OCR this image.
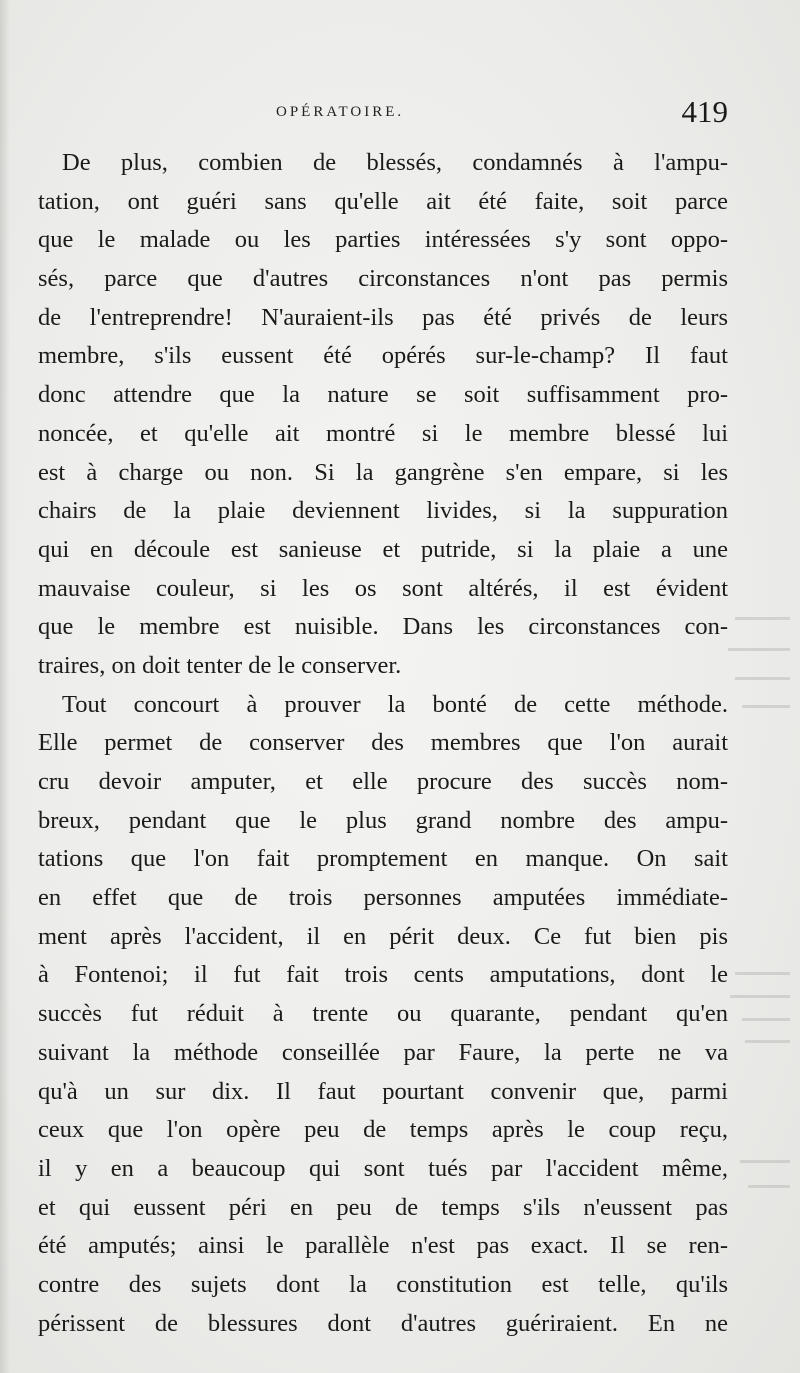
OPÉRATOIRE.	419
De plus, combien de blessés, condamnés à l'ampu-
tation, ont guéri sans qu'elle ait été faite, soit parce
que le malade ou les parties intéressées s'y sont oppo-
sés, parce que d'autres circonstances n'ont pas permis
de l'entreprendre! N'auraient-ils pas été privés de leurs
membre, s'ils eussent été opérés sur-le-champ? Il faut
donc attendre que la nature se soit suffisamment pro-
noncée, et qu'elle ait montré si le membre blessé lui
est à charge ou non. Si la gangrène s'en empare, si les
chairs de la plaie deviennent livides, si la suppuration
qui en découle est sanieuse et putride, si la plaie a une
mauvaise couleur, si les os sont altérés, il est évident
que le membre est nuisible. Dans les circonstances con-
traires, on doit tenter de le conserver.
Tout concourt à prouver la bonté de cette méthode.
Elle permet de conserver des membres que l'on aurait
cru devoir amputer, et elle procure des succès nom-
breux, pendant que le plus grand nombre des ampu-
tations que l'on fait promptement en manque. On sait
en effet que de trois personnes amputées immédiate-
ment après l'accident, il en périt deux. Ce fut bien pis
à Fontenoi; il fut fait trois cents amputations, dont le
succès fut réduit à trente ou quarante, pendant qu'en
suivant la méthode conseillée par Faure, la perte ne va
qu'à un sur dix. Il faut pourtant convenir que, parmi
ceux que l'on opère peu de temps après le coup reçu,
il y en a beaucoup qui sont tués par l'accident même,
et qui eussent péri en peu de temps s'ils n'eussent pas
été amputés; ainsi le parallèle n'est pas exact. Il se ren-
contre des sujets dont la constitution est telle, qu'ils
périssent de blessures dont d'autres guériraient. En ne
